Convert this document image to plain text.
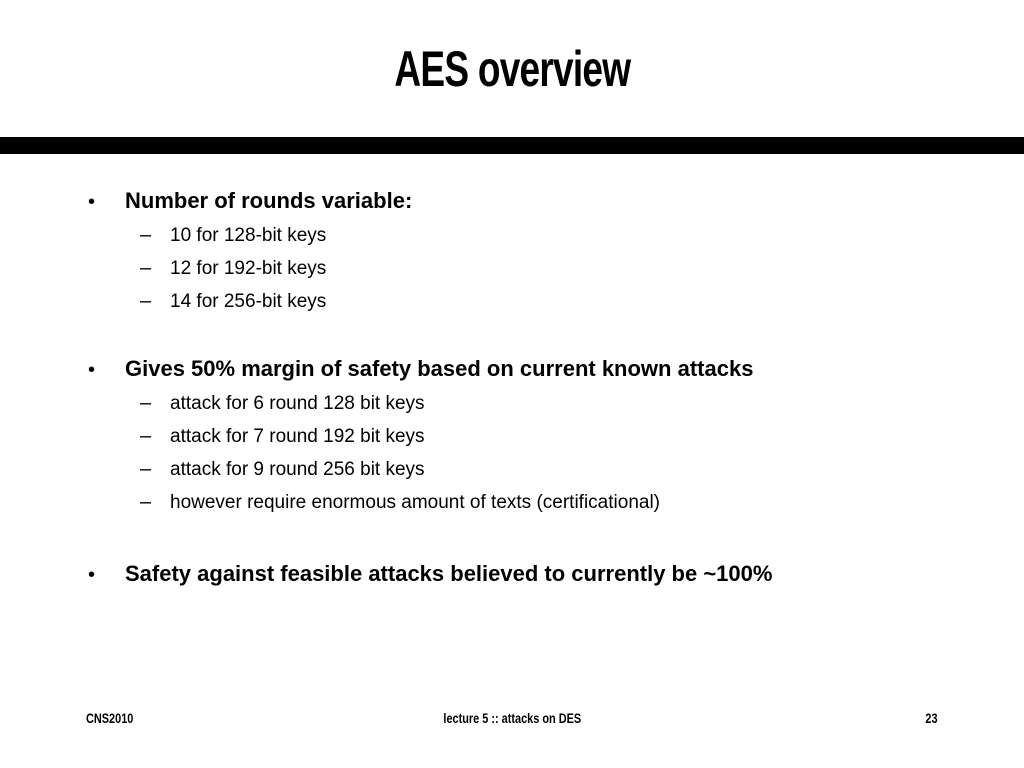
AES overview
•	Number of rounds variable:
– 10 for 128-bit keys
– 12 for 192-bit keys
– 14 for 256-bit keys
•	Gives 50% margin of safety based on current known attacks
– attack for 6 round 128 bit keys
– attack for 7 round 192 bit keys
– attack for 9 round 256 bit keys
– however require enormous amount of texts (certificational)
•	Safety against feasible attacks believed to currently be ~100%
CNS2010	lecture 5 :: attacks on DES	23
